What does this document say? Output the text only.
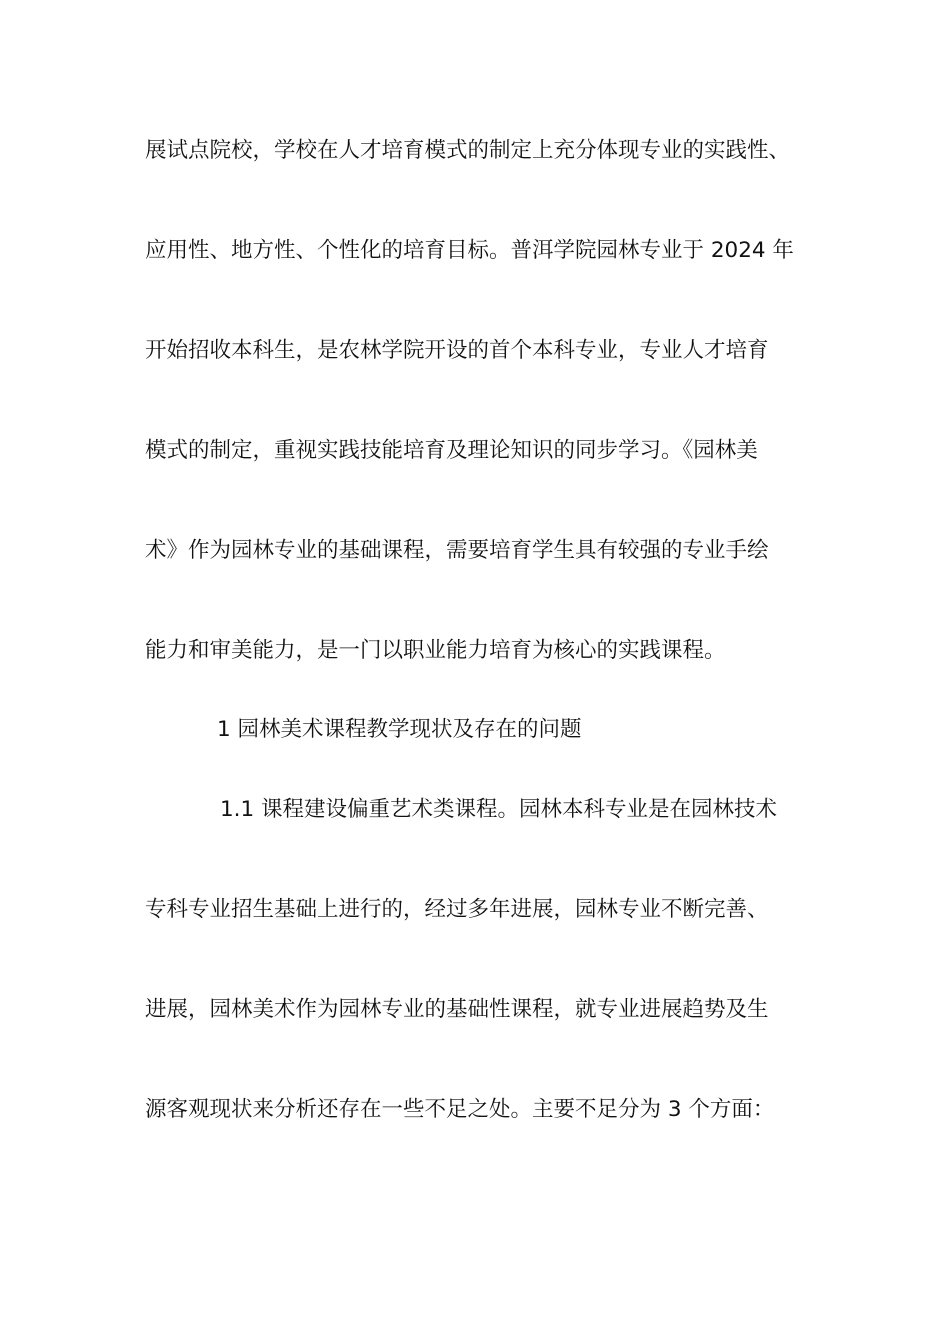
展试点院校，学校在人才培育模式的制定上充分体现专业的实践性、
应用性、地方性、个性化的培育目标。普洱学院园林专业于 2024 年
开始招收本科生，是农林学院开设的首个本科专业，专业人才培育
模式的制定，重视实践技能培育及理论知识的同步学习。《园林美
术》作为园林专业的基础课程，需要培育学生具有较强的专业手绘
能力和审美能力，是一门以职业能力培育为核心的实践课程。
1 园林美术课程教学现状及存在的问题
1.1 课程建设偏重艺术类课程。园林本科专业是在园林技术
专科专业招生基础上进行的，经过多年进展，园林专业不断完善、
进展，园林美术作为园林专业的基础性课程，就专业进展趋势及生
源客观现状来分析还存在一些不足之处。主要不足分为 3 个方面：
